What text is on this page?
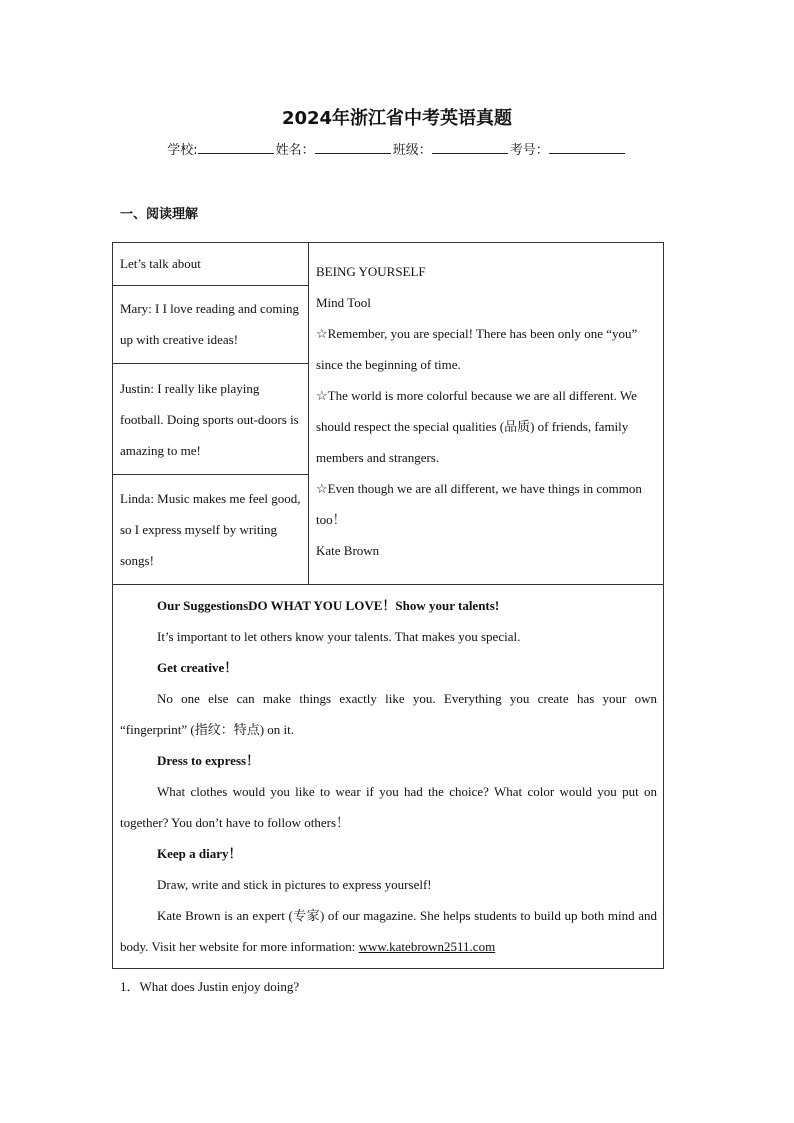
2024年浙江省中考英语真题
学校:	姓名：	班级：	考号：
一、阅读理解
Let’s talk about
Mary: I I love reading and coming up with creative ideas!
Justin: I really like playing football. Doing sports out-doors is amazing to me!
Linda: Music makes me feel good, so I express myself by writing songs!
BEING YOURSELF
Mind Tool
☆Remember, you are special! There has been only one “you” since the beginning of time.
☆The world is more colorful because we are all different. We should respect the special qualities (品质) of friends, family members and strangers.
☆Even though we are all different, we have things in common too！
Kate Brown
Our SuggestionsDO WHAT YOU LOVE！Show your talents!
It’s important to let others know your talents. That makes you special.
Get creative！
No one else can make things exactly like you. Everything you create has your own “fingerprint” (指纹：特点) on it.
Dress to express！
What clothes would you like to wear if you had the choice? What color would you put on together? You don’t have to follow others！
Keep a diary！
Draw, write and stick in pictures to express yourself!
Kate Brown is an expert (专家) of our magazine. She helps students to build up both mind and body. Visit her website for more information: www.katebrown2511.com
1．What does Justin enjoy doing?
